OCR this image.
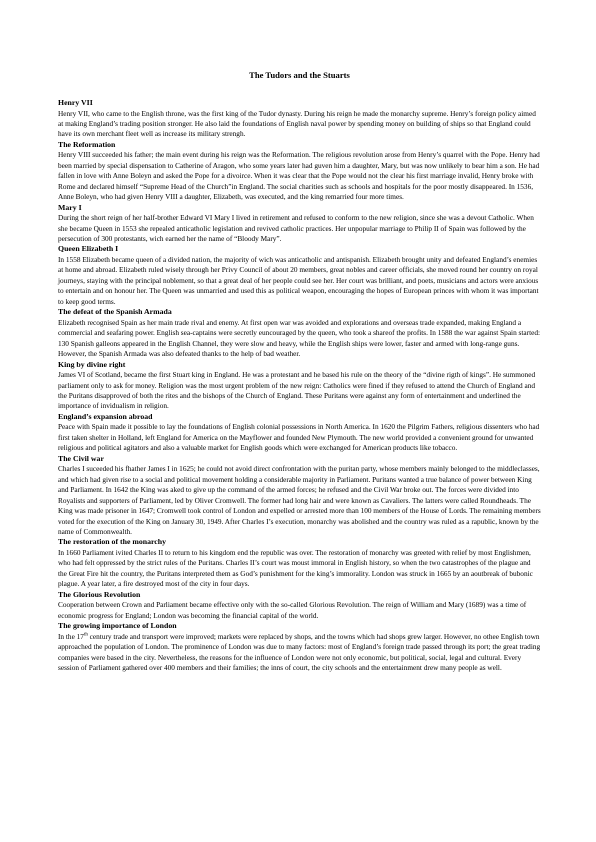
The Tudors and the Stuarts
Henry VII

Henry VII, who came to the English throne, was the first king of the Tudor dynasty. During his reign he made the monarchy supreme. Henry’s foreign policy aimed at making England’s trading position stronger. He also laid the foundations of English naval power by spending money on building of ships so that England could have its own merchant fleet well as increase its military strengh.

The Reformation

Henry VIII succeeded his father; the main event during his reign was the Reformation. The religious revolution arose from Henry’s quarrel with the Pope. Henry had been married by special dispensation to Catherine of Aragon, who some years later had guven him a daughter, Mary, but was now unlikely to bear him a son. He had fallen in love with Anne Boleyn and asked the Pope for a divoirce. When it was clear that the Pope would not the clear his first marriage invalid, Henry broke with Rome and declared himself “Supreme Head of the Church”in England. The social charities such as schools and hospitals for the poor mostly disappeared. In 1536, Anne Boleyn, who had given Henry VIII a daughter, Elizabeth, was executed, and the king remarried four more times.

Mary I

During the short reign of her half-brother Edward VI Mary I lived in retirement and refused to conform to the new religion, since she was a devout Catholic. When she became Queen in 1553 she repealed anticatholic legislation and revived catholic practices. Her unpopular marriage to Philip II of Spain was followed by the persecution of 300 protestants, wich earned her the name of “Bloody Mary”.

Queen Elizabeth I

In 1558 Elizabeth became queen of a divided nation, the majority of wich was anticatholic and antispanish. Elizabeth brought unity and defeated England’s enemies at home and abroad. Elizabeth ruled wisely through her Privy Council of about 20 members, great nobles and career officials, she moved round her country on royal journeys, staying with the principal noblement, so that a great deal of her people could see her. Her court was brilliant, and poets, musicians and actors were anxious to entertain and on honour her. The Queen was unmarried and used this as political weapon, encouraging the hopes of European princes with whom it was important to keep good terms.

The defeat of the Spanish Armada

Elizabeth recognised Spain as her main trade rival and enemy. At first open war was avoided and explorations and overseas trade expanded, making England a commercial and seafaring power. English sea-captains were secretly euncouraged by the queen, who took a shareof the profits. In 1588 the war against Spain started: 130 Spanish galleons appeared in the English Channel, they were slow and heavy, while the English ships were lower, faster and armed with long-range guns. However, the Spanish Armada was also defeated thanks to the help of bad weather.

King by divine right

James VI of Scotland, became the first Stuart king in England. He was a protestant and he based his rule on the theory of the “divine rigth of kings”. He summoned parliament only to ask for money. Religion was the most urgent problem of the new reign: Catholics were fined if they refused to attend the Church of England and the Puritans disapproved of both the rites and the bishops of the Church of England. These Puritans were against any form of entertainment and underlined the importance of invidualism in religion.

England’s expansion abroad

Peace with Spain made it possible to lay the foundations of English colonial possessions in North America. In 1620 the Pilgrim Fathers, religious dissenters who had first taken shelter in Holland, left England for America on the Mayflower and founded New Plymouth. The new world provided a convenient ground for unwanted religious and political agitators and also a valuable market for English goods which were exchanged for American products like tobacco.

The Civil war

Charles I suceeded his fhather James I in 1625; he could not avoid direct confrontation with the puritan party, whose members mainly belonged to the middleclasses, and which had given rise to a social and political movement holding a considerable majority in Parliament. Puritans wanted a true balance of power between King and Parliament. In 1642 the King was aked to give up the command of the armed forces; he refused and the Civil War broke out. The forces were divided into Royalists and supporters of Parliament, led by Oliver Cromwell. The former had long hair and were known as Cavaliers. The latters were called Roundheads. The King was made prisoner in 1647; Cromwell took control of London and expelled or arrested more than 100 members of the House of Lords. The remaining members voted for the execution of the King on January 30, 1949. After Charles I’s execution, monarchy was abolished and the country was ruled as a rapublic, known by the name of Commonwealth.

The restoration of the monarchy

In 1660 Parliament ivited Charles II to return to his kingdom end the republic was over. The restoration of monarchy was greeted with relief by most Englishmen, who had felt oppressed by the strict rules of the Puritans. Charles II’s court was moust immoral in English history, so when the two catastrophes of the plague and the Great Fire hit the country, the Puritans interpreted them as God’s punishment for the king’s immorality. London was struck in 1665 by an aoutbreak of bubonic plague. A year later, a fire destroyed most of the city in four days.

The Glorious Revolution

Cooperation between Crown and Parliament became effective only with the so-called Glorious Revolution. The reign of William and Mary (1689) was a time of economic progress for England; London was becoming the financial capital of the world.

The growing importance of London

In the 17th century trade and transport were improved; markets were replaced by shops, and the towns which had shops grew larger. However, no othee English town approached the population of London. The prominence of London was due to many factors: most of England’s foreign trade passed through its port; the great trading companies were based in the city. Nevertheless, the reasons for the influence of London were not only economic, but political, social, legal and cultural. Every session of Parliament gathered over 400 members and their families; the inns of court, the city schools and the entertainment drew many people as well.
